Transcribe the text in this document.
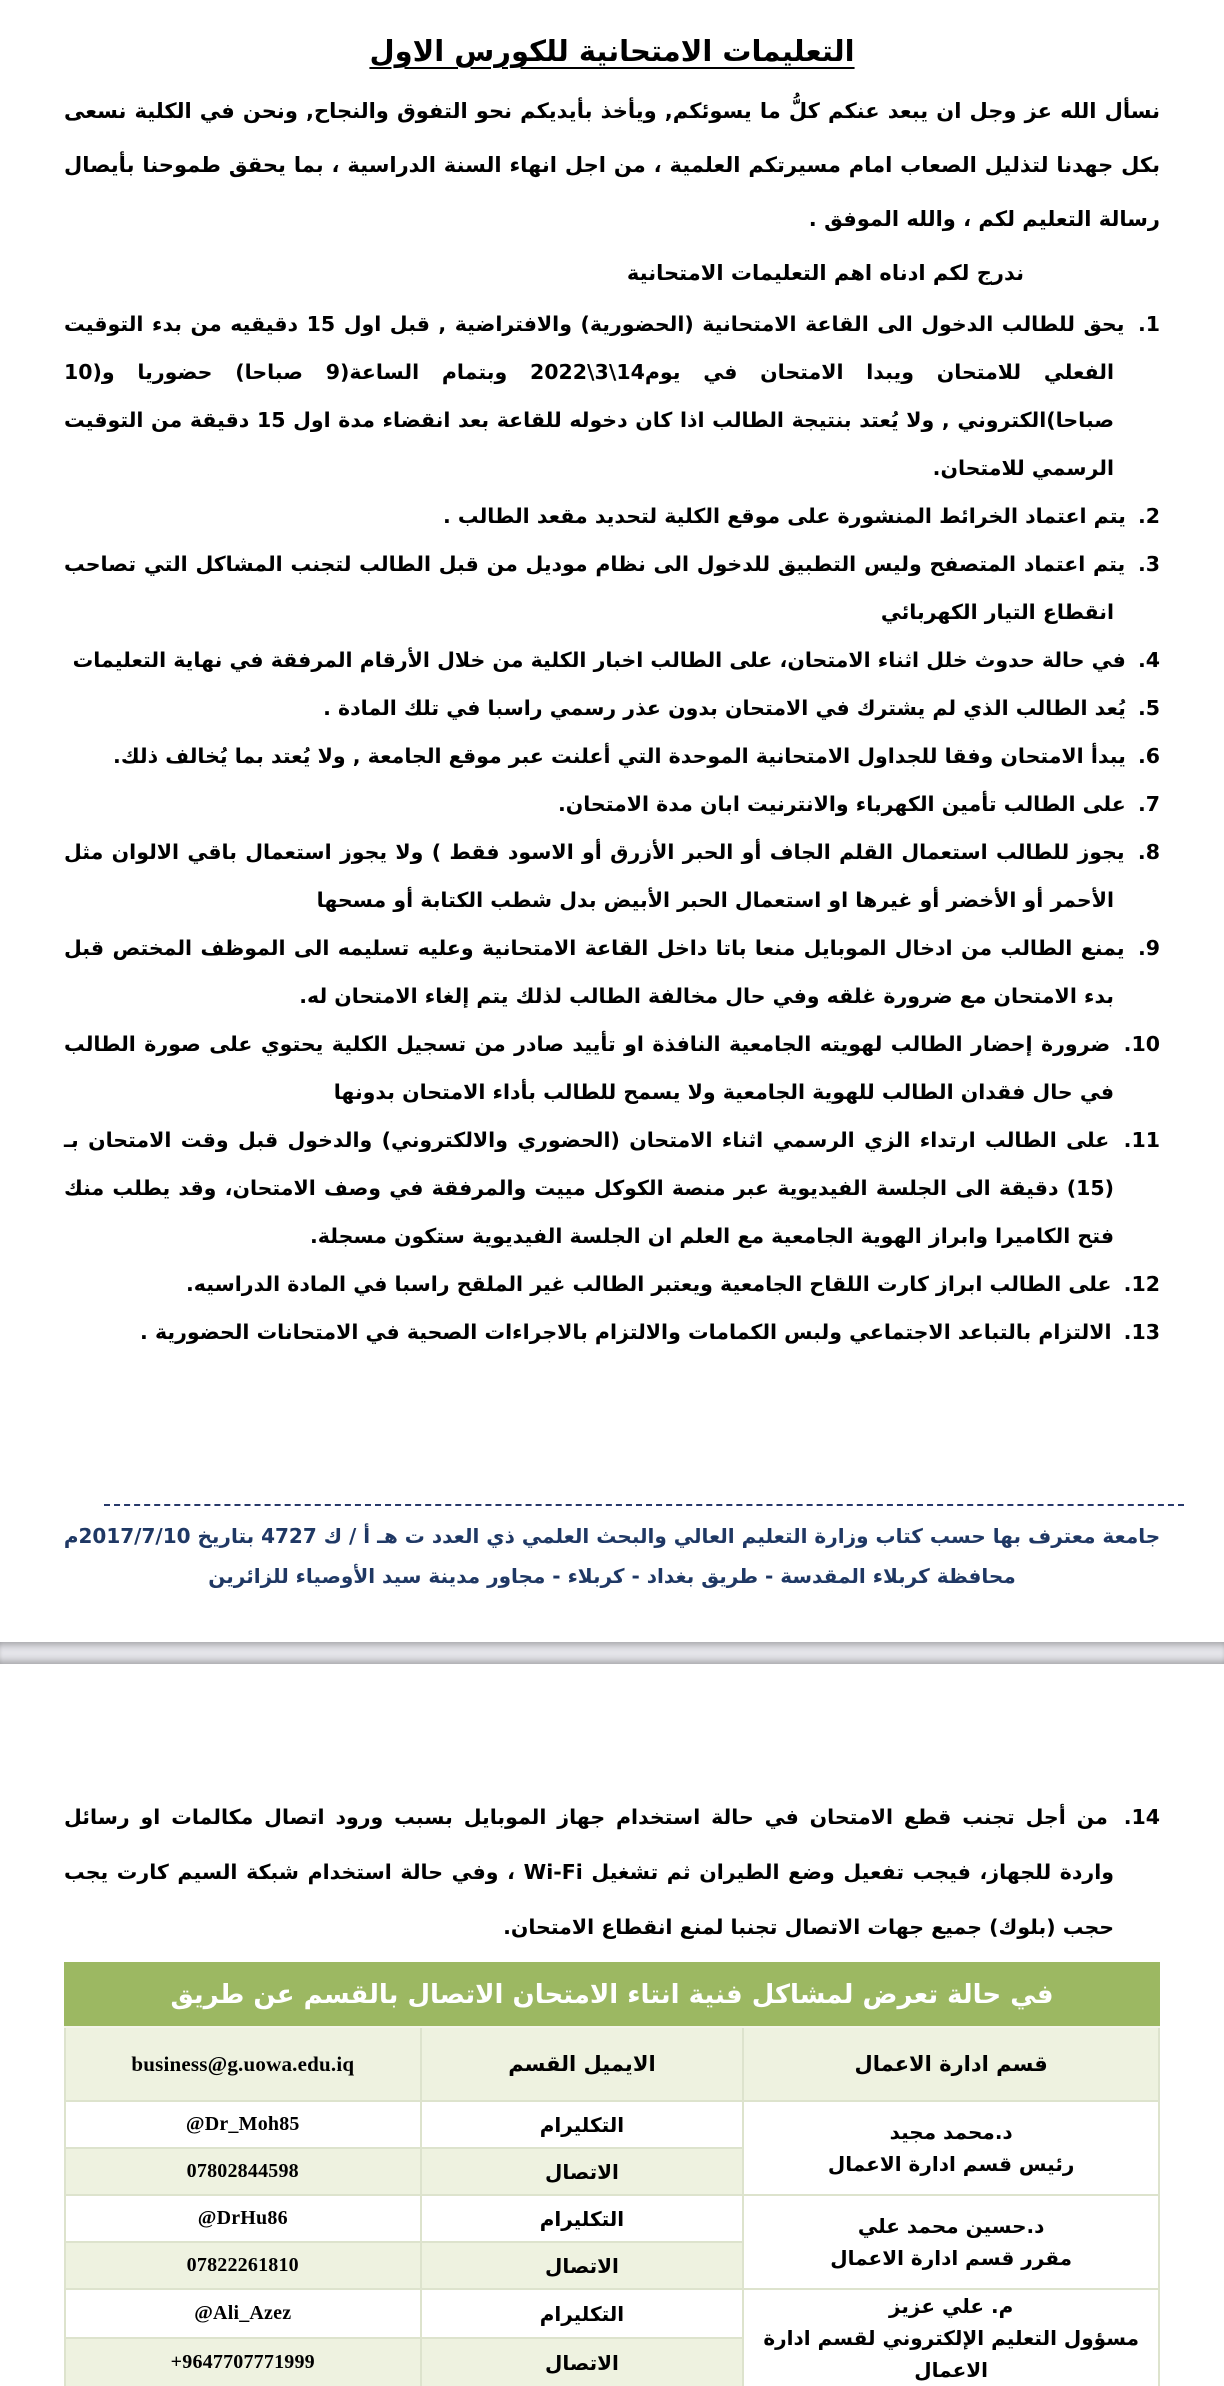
التعليمات الامتحانية للكورس الاول

نسأل الله عز وجل ان يبعد عنكم كلُّ ما يسوئكم, ويأخذ بأيديكم نحو التفوق والنجاح, ونحن في الكلية نسعى بكل جهدنا لتذليل الصعاب امام مسيرتكم العلمية ، من اجل انهاء السنة الدراسية ، بما يحقق طموحنا بأيصال رسالة التعليم لكم ، والله الموفق .

ندرج لكم ادناه اهم التعليمات الامتحانية

1. يحق للطالب الدخول الى القاعة الامتحانية (الحضورية) والافتراضية , قبل اول 15 دقيقيه من بدء التوقيت الفعلي للامتحان ويبدا الامتحان في يوم14\3\2022 وبتمام الساعة(9 صباحا) حضوريا و(10 صباحا)الكتروني , ولا يُعتد بنتيجة الطالب اذا كان دخوله للقاعة بعد انقضاء مدة اول 15 دقيقة من التوقيت الرسمي للامتحان.

2. يتم اعتماد الخرائط المنشورة على موقع الكلية لتحديد مقعد الطالب .

3. يتم اعتماد المتصفح وليس التطبيق للدخول الى نظام موديل من قبل الطالب لتجنب المشاكل التي تصاحب انقطاع التيار الكهربائي

4. في حالة حدوث خلل اثناء الامتحان، على الطالب اخبار الكلية من خلال الأرقام المرفقة في نهاية التعليمات

5. يُعد الطالب الذي لم يشترك في الامتحان بدون عذر رسمي راسبا في تلك المادة .

6. يبدأ الامتحان وفقا للجداول الامتحانية الموحدة التي أعلنت عبر موقع الجامعة , ولا يُعتد بما يُخالف ذلك.

7. على الطالب تأمين الكهرباء والانترنيت ابان مدة الامتحان.

8. يجوز للطالب استعمال القلم الجاف أو الحبر الأزرق أو الاسود فقط ) ولا يجوز استعمال باقي الالوان مثل الأحمر أو الأخضر أو غيرها او استعمال الحبر الأبيض بدل شطب الكتابة أو مسحها

9. يمنع الطالب من ادخال الموبايل منعا باتا داخل القاعة الامتحانية وعليه تسليمه الى الموظف المختص قبل بدء الامتحان مع ضرورة غلقه وفي حال مخالفة الطالب لذلك يتم إلغاء الامتحان له.

10. ضرورة إحضار الطالب لهويته الجامعية النافذة او تأييد صادر من تسجيل الكلية يحتوي على صورة الطالب في حال فقدان الطالب للهوية الجامعية ولا يسمح للطالب بأداء الامتحان بدونها

11. على الطالب ارتداء الزي الرسمي اثناء الامتحان (الحضوري والالكتروني) والدخول قبل وقت الامتحان بـ (15) دقيقة الى الجلسة الفيديوية عبر منصة الكوكل مييت والمرفقة في وصف الامتحان، وقد يطلب منك فتح الكاميرا وابراز الهوية الجامعية مع العلم ان الجلسة الفيديوية ستكون مسجلة.

12. على الطالب ابراز كارت اللقاح الجامعية ويعتبر الطالب غير الملقح راسبا في المادة الدراسيه.

13. الالتزام بالتباعد الاجتماعي ولبس الكمامات والالتزام بالاجراءات الصحية في الامتحانات الحضورية .

جامعة معترف بها حسب كتاب وزارة التعليم العالي والبحث العلمي ذي العدد ت هـ أ / ك 4727 بتاريخ 2017/7/10م

محافظة كربلاء المقدسة - طريق بغداد - كربلاء - مجاور مدينة سيد الأوصياء للزائرين

14. من أجل تجنب قطع الامتحان في حالة استخدام جهاز الموبايل بسبب ورود اتصال مكالمات او رسائل واردة للجهاز، فيجب تفعيل وضع الطيران ثم تشغيل Wi-Fi ، وفي حالة استخدام شبكة السيم كارت يجب حجب (بلوك) جميع جهات الاتصال تجنبا لمنع انقطاع الامتحان.

في حالة تعرض لمشاكل فنية انتاء الامتحان الاتصال بالقسم عن طريق		
قسم ادارة الاعمال	الايميل القسم	business@g.uowa.edu.iq

د.محمد مجيد
رئيس قسم ادارة الاعمال	التكليرام	@Dr_Moh85
	الاتصال	07802844598

د.حسين محمد علي
مقرر قسم ادارة الاعمال	التكليرام	@DrHu86
	الاتصال	07822261810

م. علي عزيز
مسؤول التعليم الإلكتروني لقسم ادارة الاعمال	التكليرام	@Ali_Azez
	الاتصال	+9647707771999
